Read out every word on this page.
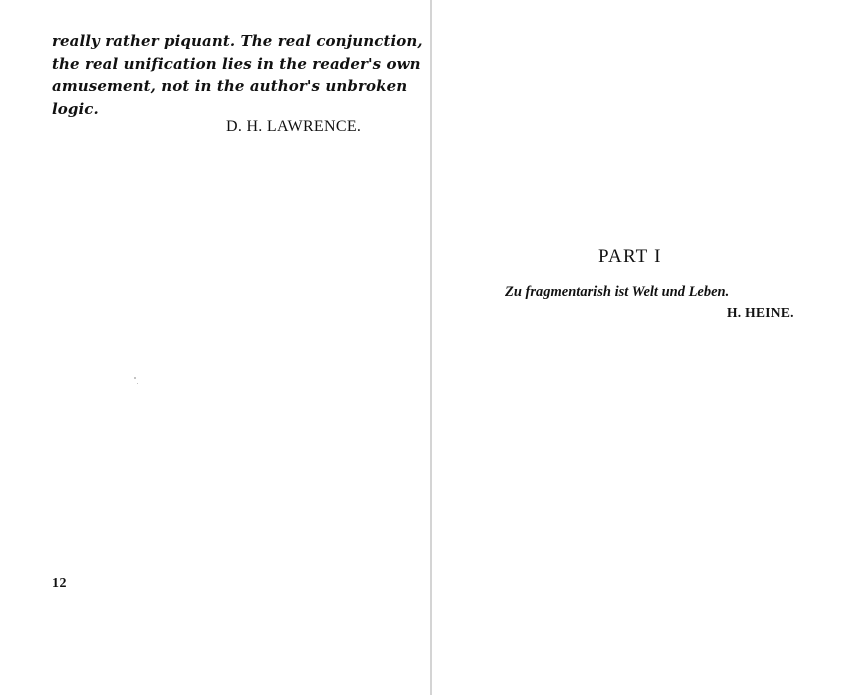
really rather piquant. The real conjunction,
the real unification lies in the reader's own
amusement, not in the author's unbroken
logic.
D. H. LAWRENCE.
12
PART I
Zu fragmentarish ist Welt und Leben.
H. HEINE.
